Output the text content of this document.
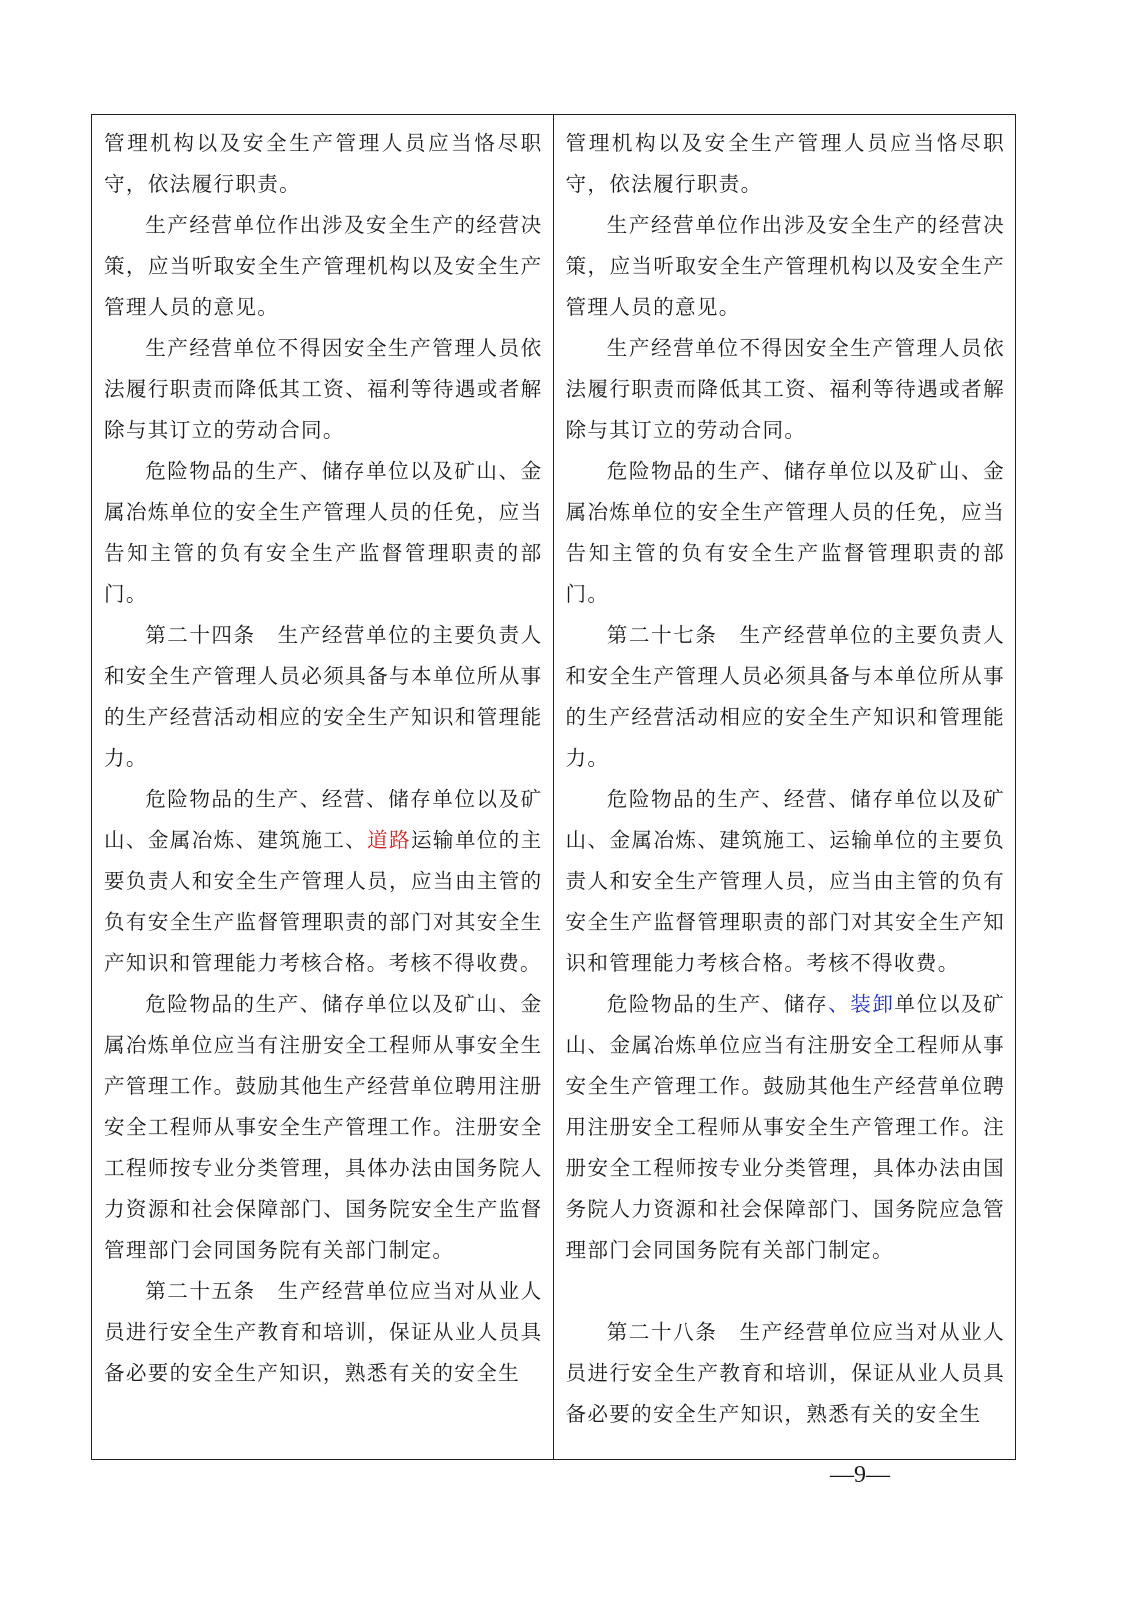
管理机构以及安全生产管理人员应当恪尽职守，依法履行职责。

生产经营单位作出涉及安全生产的经营决策，应当听取安全生产管理机构以及安全生产管理人员的意见。

生产经营单位不得因安全生产管理人员依法履行职责而降低其工资、福利等待遇或者解除与其订立的劳动合同。

危险物品的生产、储存单位以及矿山、金属冶炼单位的安全生产管理人员的任免，应当告知主管的负有安全生产监督管理职责的部门。

第二十四条　生产经营单位的主要负责人和安全生产管理人员必须具备与本单位所从事的生产经营活动相应的安全生产知识和管理能力。

危险物品的生产、经营、储存单位以及矿山、金属冶炼、建筑施工、道路运输单位的主要负责人和安全生产管理人员，应当由主管的负有安全生产监督管理职责的部门对其安全生产知识和管理能力考核合格。考核不得收费。

危险物品的生产、储存单位以及矿山、金属冶炼单位应当有注册安全工程师从事安全生产管理工作。鼓励其他生产经营单位聘用注册安全工程师从事安全生产管理工作。注册安全工程师按专业分类管理，具体办法由国务院人力资源和社会保障部门、国务院安全生产监督管理部门会同国务院有关部门制定。

第二十五条　生产经营单位应当对从业人员进行安全生产教育和培训，保证从业人员具备必要的安全生产知识，熟悉有关的安全生

管理机构以及安全生产管理人员应当恪尽职守，依法履行职责。

生产经营单位作出涉及安全生产的经营决策，应当听取安全生产管理机构以及安全生产管理人员的意见。

生产经营单位不得因安全生产管理人员依法履行职责而降低其工资、福利等待遇或者解除与其订立的劳动合同。

危险物品的生产、储存单位以及矿山、金属冶炼单位的安全生产管理人员的任免，应当告知主管的负有安全生产监督管理职责的部门。

第二十七条　生产经营单位的主要负责人和安全生产管理人员必须具备与本单位所从事的生产经营活动相应的安全生产知识和管理能力。

危险物品的生产、经营、储存单位以及矿山、金属冶炼、建筑施工、运输单位的主要负责人和安全生产管理人员，应当由主管的负有安全生产监督管理职责的部门对其安全生产知识和管理能力考核合格。考核不得收费。

危险物品的生产、储存、装卸单位以及矿山、金属冶炼单位应当有注册安全工程师从事安全生产管理工作。鼓励其他生产经营单位聘用注册安全工程师从事安全生产管理工作。注册安全工程师按专业分类管理，具体办法由国务院人力资源和社会保障部门、国务院应急管理部门会同国务院有关部门制定。

第二十八条　生产经营单位应当对从业人员进行安全生产教育和培训，保证从业人员具备必要的安全生产知识，熟悉有关的安全生

—9—
